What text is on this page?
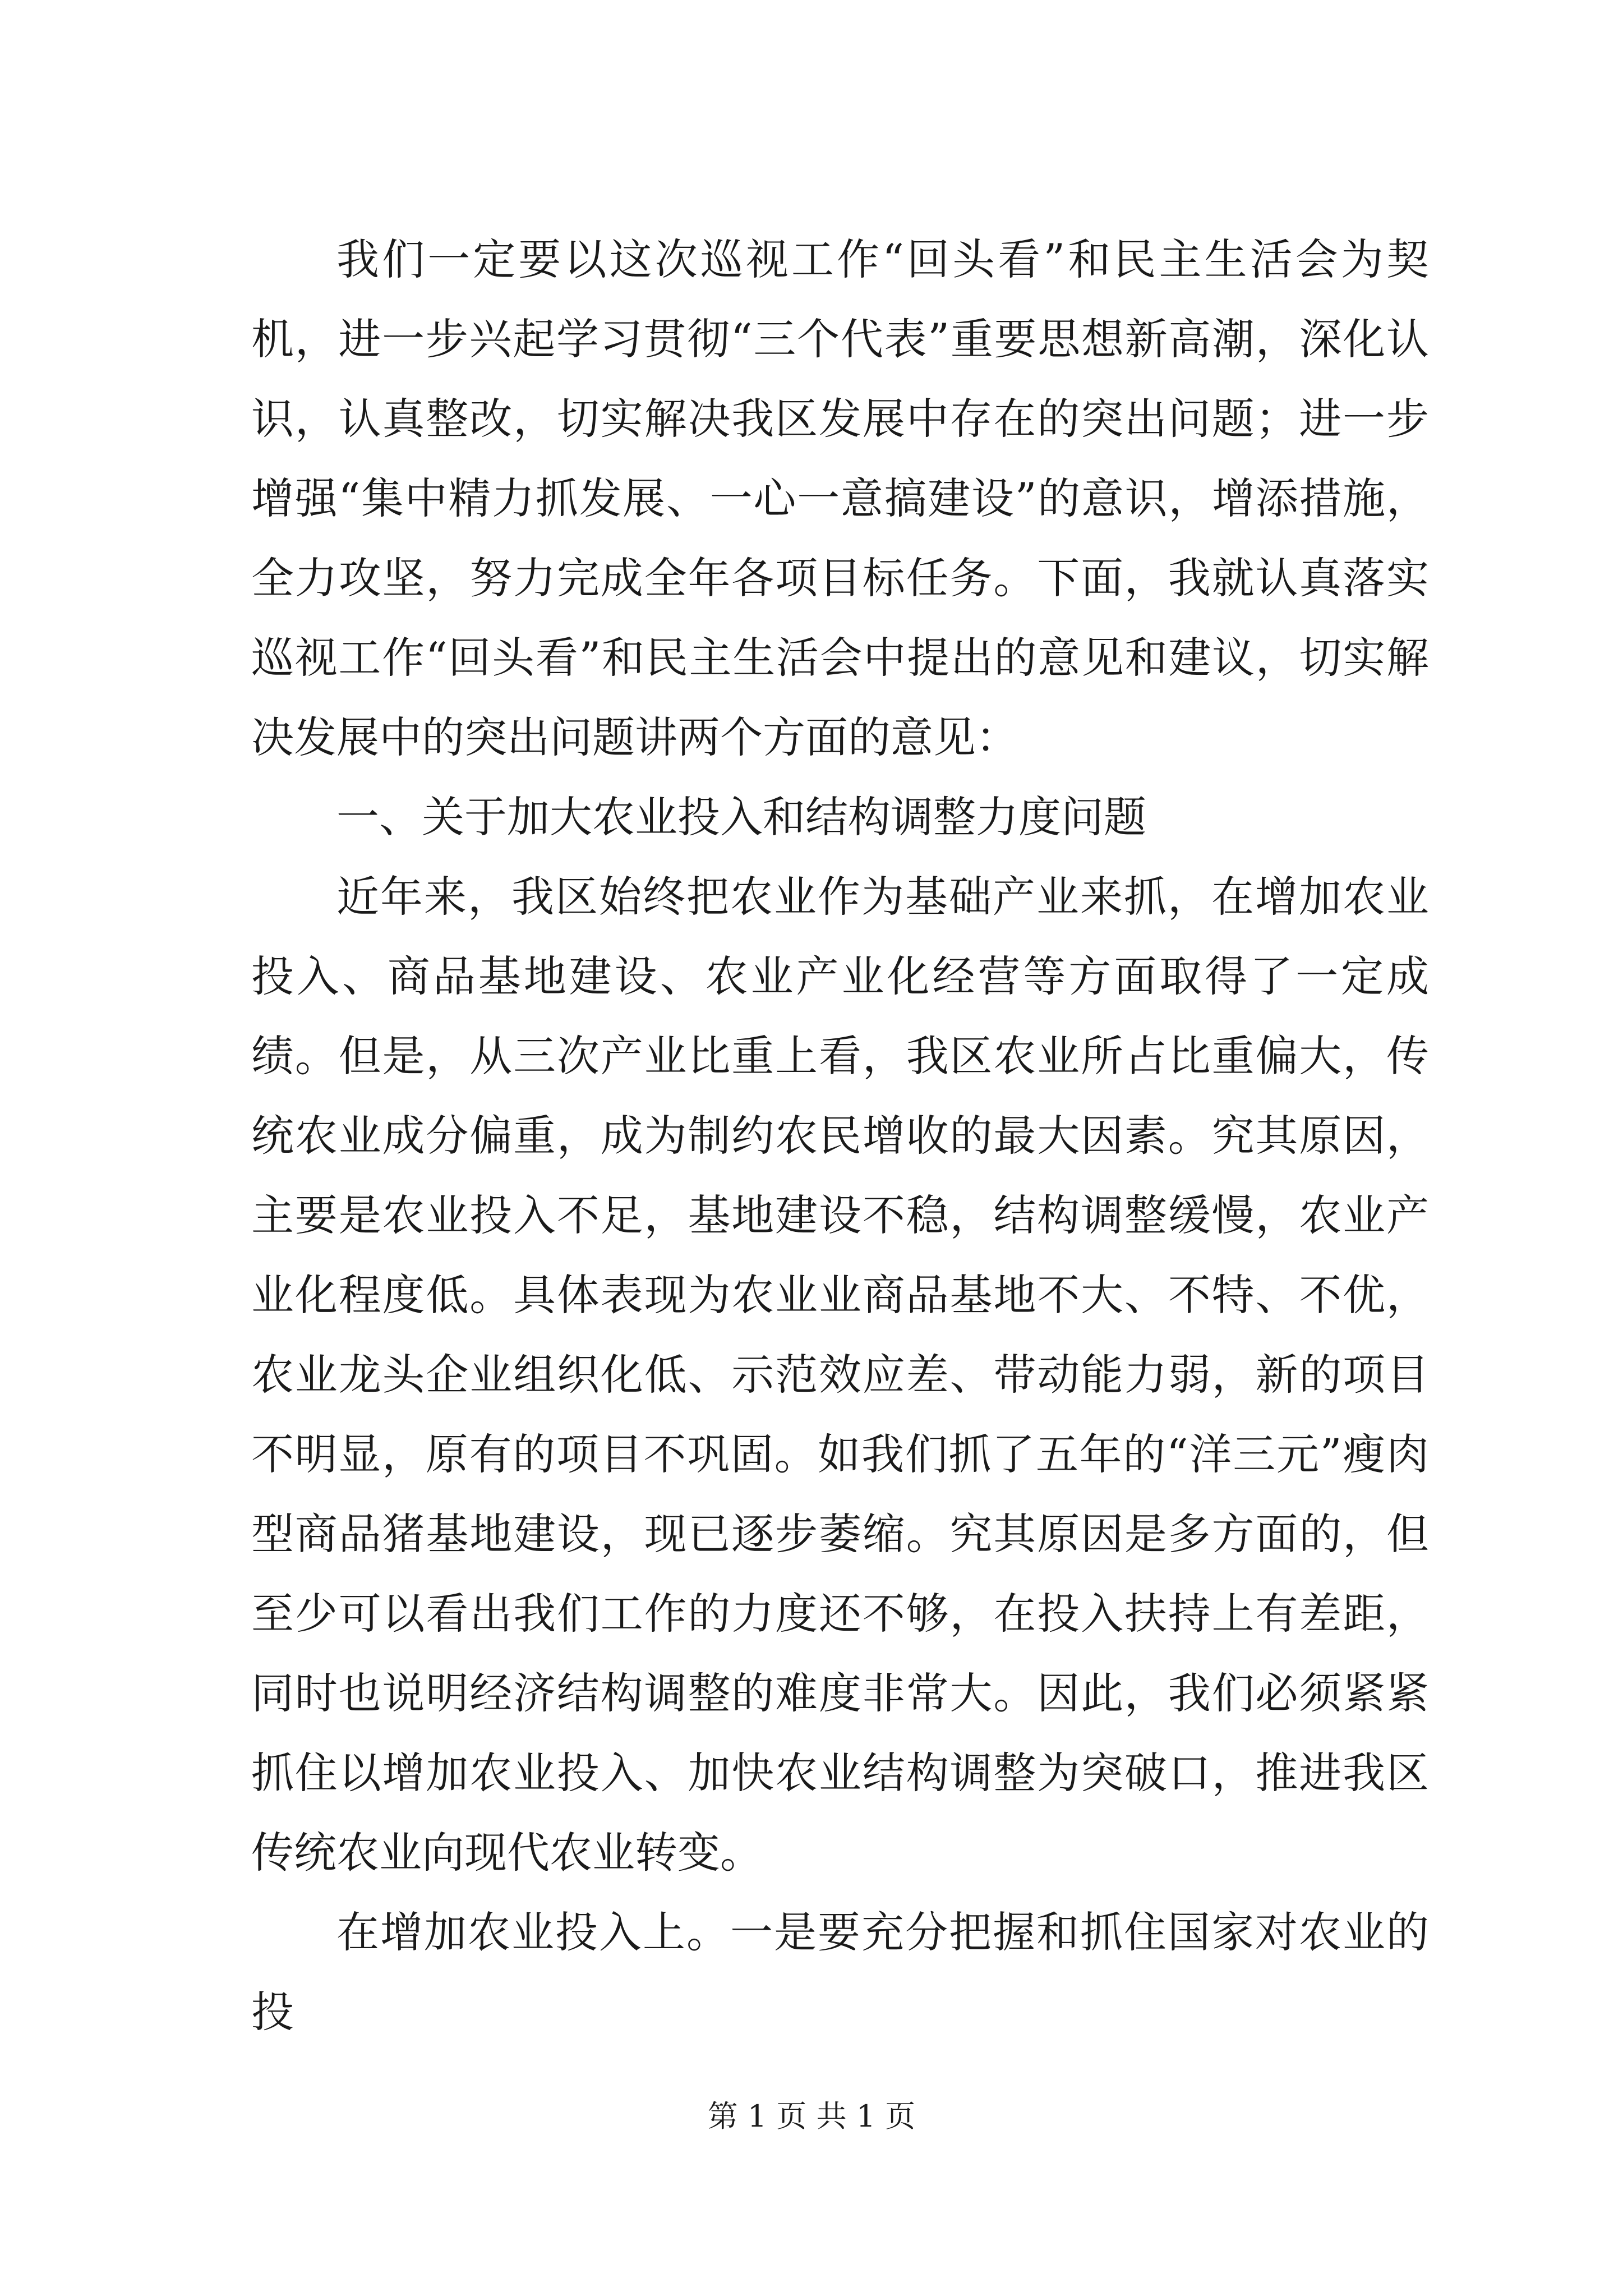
我们一定要以这次巡视工作“回头看”和民主生活会为契机，进一步兴起学习贯彻“三个代表”重要思想新高潮，深化认识，认真整改，切实解决我区发展中存在的突出问题；进一步增强“集中精力抓发展、一心一意搞建设”的意识，增添措施，全力攻坚，努力完成全年各项目标任务。下面，我就认真落实巡视工作“回头看”和民主生活会中提出的意见和建议，切实解决发展中的突出问题讲两个方面的意见：

一、关于加大农业投入和结构调整力度问题

近年来，我区始终把农业作为基础产业来抓，在增加农业投入、商品基地建设、农业产业化经营等方面取得了一定成绩。但是，从三次产业比重上看，我区农业所占比重偏大，传统农业成分偏重，成为制约农民增收的最大因素。究其原因，主要是农业投入不足，基地建设不稳，结构调整缓慢，农业产业化程度低。具体表现为农业业商品基地不大、不特、不优，农业龙头企业组织化低、示范效应差、带动能力弱，新的项目不明显，原有的项目不巩固。如我们抓了五年的“洋三元”瘦肉型商品猪基地建设，现已逐步萎缩。究其原因是多方面的，但至少可以看出我们工作的力度还不够，在投入扶持上有差距，同时也说明经济结构调整的难度非常大。因此，我们必须紧紧抓住以增加农业投入、加快农业结构调整为突破口，推进我区传统农业向现代农业转变。

在增加农业投入上。一是要充分把握和抓住国家对农业的投

第 1 页 共 1 页
